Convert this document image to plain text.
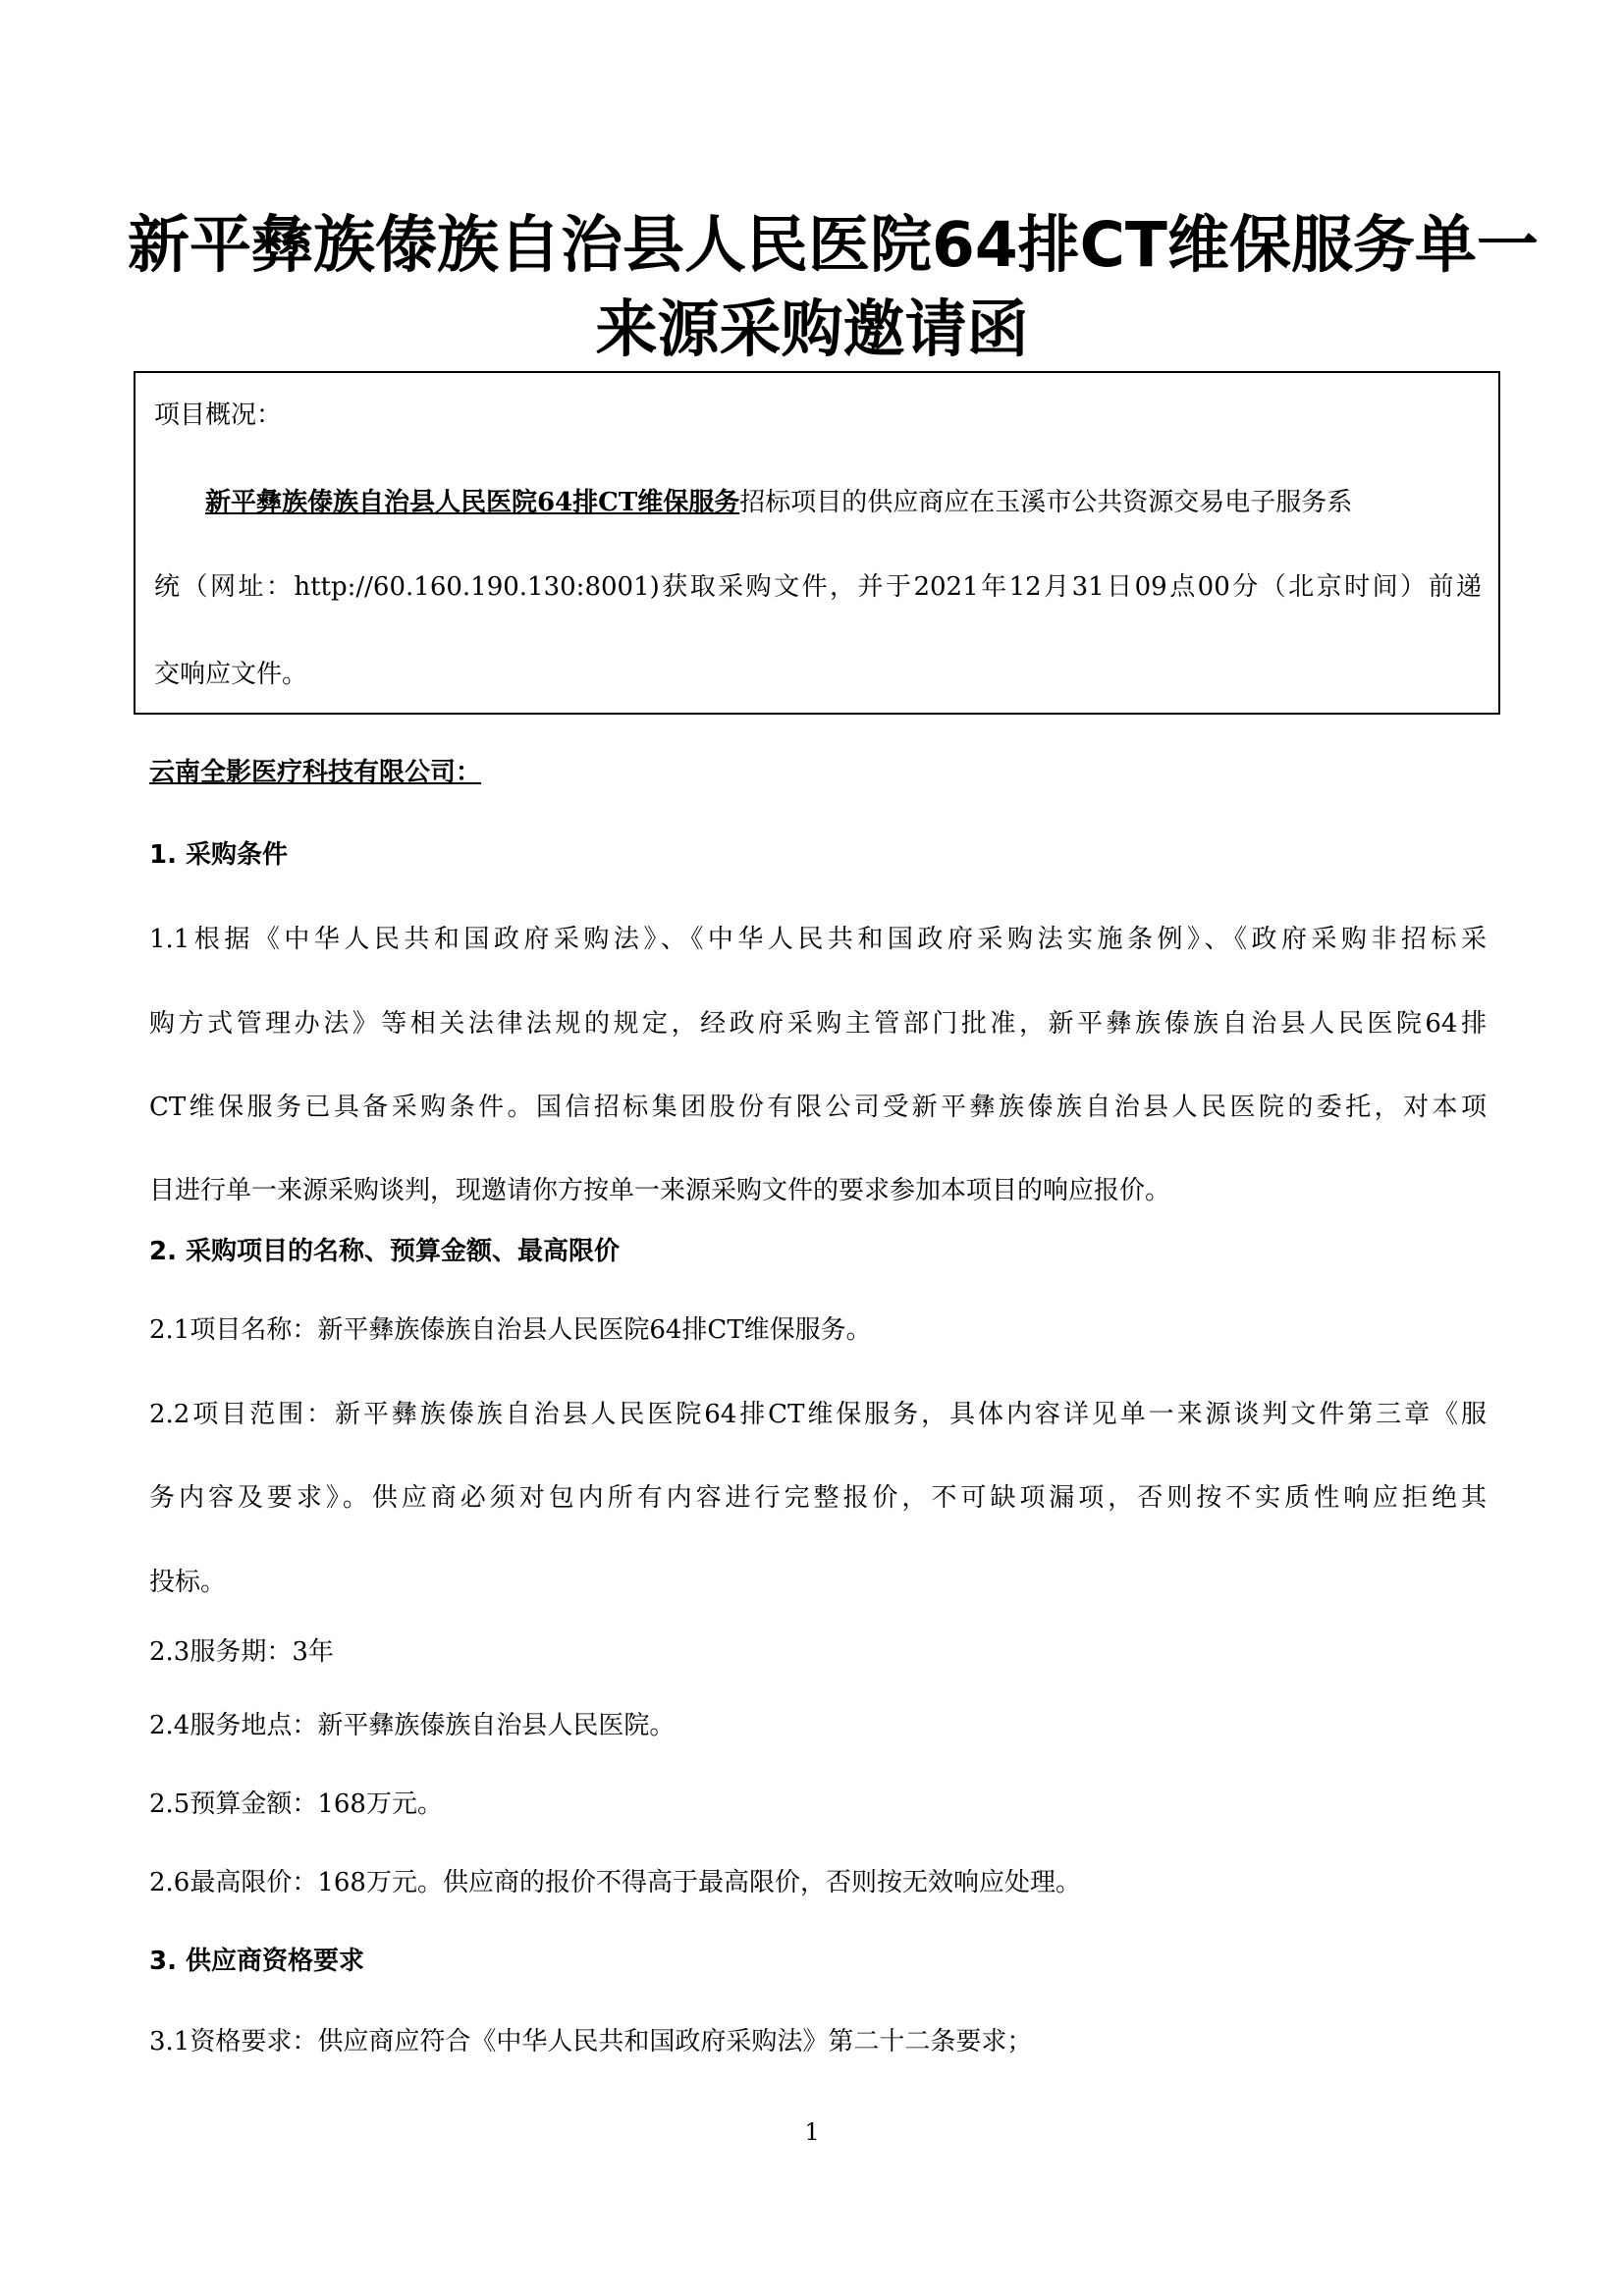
新平彝族傣族自治县人民医院64排CT维保服务单一
来源采购邀请函

项目概况：

新平彝族傣族自治县人民医院64排CT维保服务招标项目的供应商应在玉溪市公共资源交易电子服务系

统（网址：http://60.160.190.130:8001)获取采购文件，并于2021年12月31日09点00分（北京时间）前递

交响应文件。

云南全影医疗科技有限公司：

1. 采购条件

1.1根据《中华人民共和国政府采购法》、《中华人民共和国政府采购法实施条例》、《政府采购非招标采

购方式管理办法》等相关法律法规的规定，经政府采购主管部门批准，新平彝族傣族自治县人民医院64排

CT维保服务已具备采购条件。国信招标集团股份有限公司受新平彝族傣族自治县人民医院的委托，对本项

目进行单一来源采购谈判，现邀请你方按单一来源采购文件的要求参加本项目的响应报价。

2. 采购项目的名称、预算金额、最高限价

2.1项目名称：新平彝族傣族自治县人民医院64排CT维保服务。

2.2项目范围：新平彝族傣族自治县人民医院64排CT维保服务，具体内容详见单一来源谈判文件第三章《服

务内容及要求》。供应商必须对包内所有内容进行完整报价，不可缺项漏项，否则按不实质性响应拒绝其

投标。

2.3服务期：3年

2.4服务地点：新平彝族傣族自治县人民医院。

2.5预算金额：168万元。

2.6最高限价：168万元。供应商的报价不得高于最高限价，否则按无效响应处理。

3. 供应商资格要求

3.1资格要求：供应商应符合《中华人民共和国政府采购法》第二十二条要求；

1
